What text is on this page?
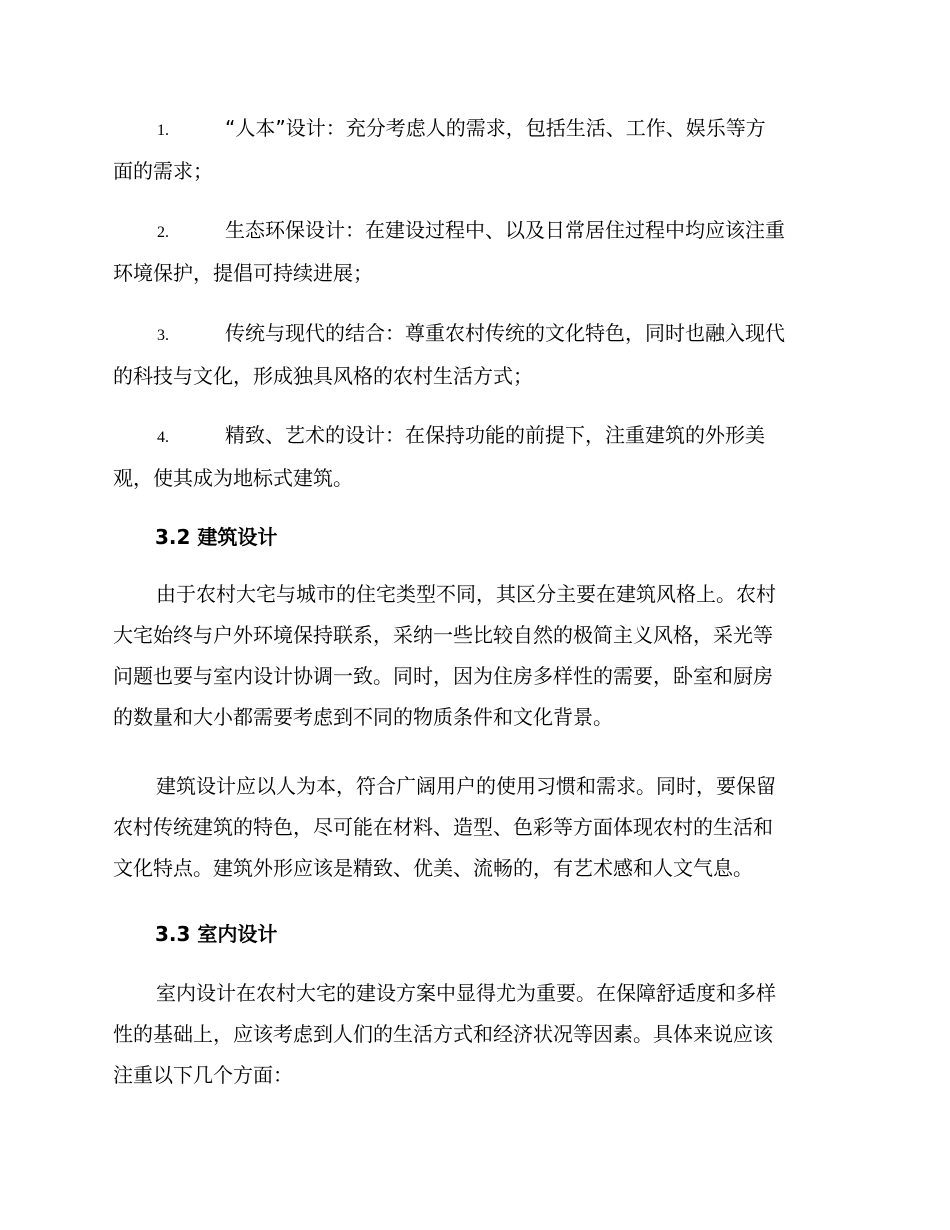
1.	“人本”设计：充分考虑人的需求，包括生活、工作、娱乐等方
面的需求；
2.	生态环保设计：在建设过程中、以及日常居住过程中均应该注重
环境保护，提倡可持续进展；
3.	传统与现代的结合：尊重农村传统的文化特色，同时也融入现代
的科技与文化，形成独具风格的农村生活方式；
4.	精致、艺术的设计：在保持功能的前提下，注重建筑的外形美
观，使其成为地标式建筑。
3.2 建筑设计
由于农村大宅与城市的住宅类型不同，其区分主要在建筑风格上。农村
大宅始终与户外环境保持联系，采纳一些比较自然的极简主义风格，采光等
问题也要与室内设计协调一致。同时，因为住房多样性的需要，卧室和厨房
的数量和大小都需要考虑到不同的物质条件和文化背景。
建筑设计应以人为本，符合广阔用户的使用习惯和需求。同时，要保留
农村传统建筑的特色，尽可能在材料、造型、色彩等方面体现农村的生活和
文化特点。建筑外形应该是精致、优美、流畅的，有艺术感和人文气息。
3.3 室内设计
室内设计在农村大宅的建设方案中显得尤为重要。在保障舒适度和多样
性的基础上，应该考虑到人们的生活方式和经济状况等因素。具体来说应该
注重以下几个方面：
